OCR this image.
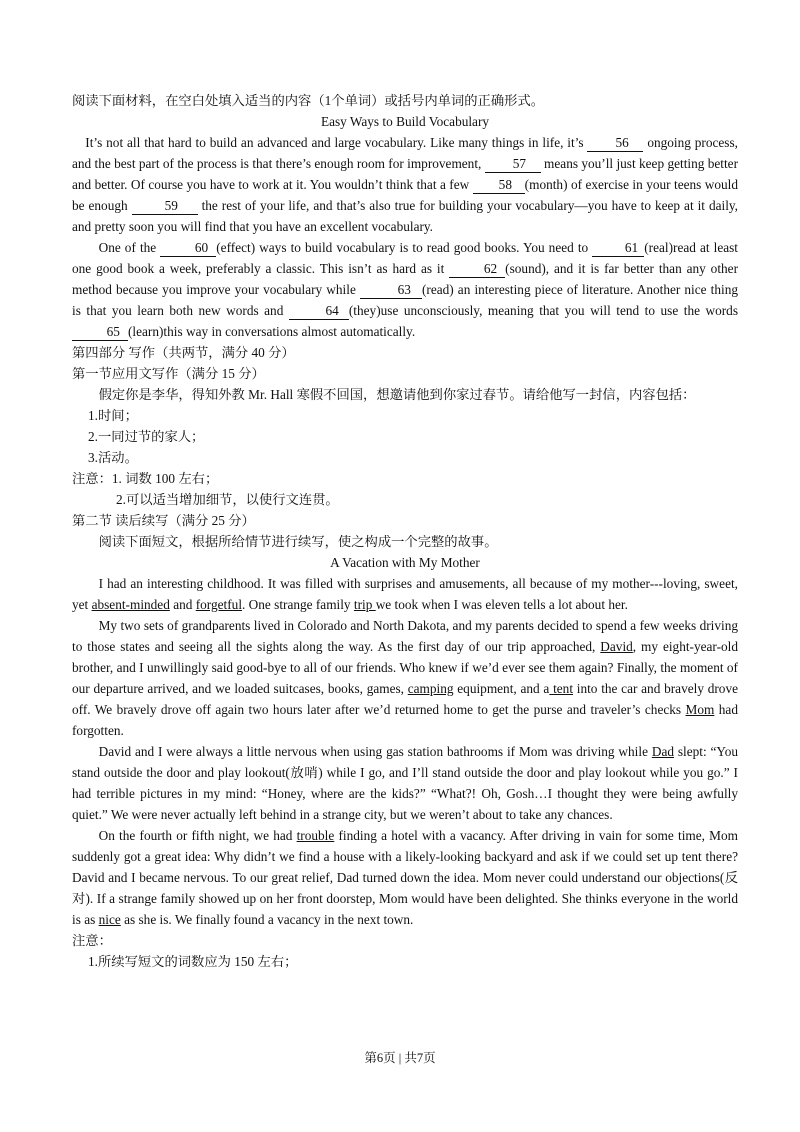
阅读下面材料，在空白处填入适当的内容（1个单词）或括号内单词的正确形式。

Easy Ways to Build Vocabulary

It’s not all that hard to build an advanced and large vocabulary. Like many things in life, it’s 56 ongoing process, and the best part of the process is that there’s enough room for improvement, 57 means you’ll just keep getting better and better. Of course you have to work at it. You wouldn’t think that a few 58 (month) of exercise in your teens would be enough	59 the rest of your life, and that’s also true for building your vocabulary—you have to keep at it daily, and pretty soon you will find that you have an excellent vocabulary.

One of the	60 (effect) ways to build vocabulary is to read good books. You need to	61 (real)read at least one good book a week, preferably a classic. This isn’t as hard as it	62 (sound), and it is far better than any other method because you improve your vocabulary while	63 (read) an interesting piece of literature. Another nice thing is that you learn both new words and	64 (they)use unconsciously, meaning that you will tend to use the words 65 (learn)this way in conversations almost automatically.

第四部分 写作（共两节，满分 40 分）

第一节应用文写作（满分 15 分）

假定你是李华，得知外教 Mr. Hall 寒假不回国，想邀请他到你家过春节。请给他写一封信，内容包括：

1.时间；

2.一同过节的家人；

3.活动。

注意：1. 词数 100 左右；

2.可以适当增加细节，以使行文连贯。

第二节 读后续写（满分 25 分）

阅读下面短文，根据所给情节进行续写，使之构成一个完整的故事。

A Vacation with My Mother

I had an interesting childhood. It was filled with surprises and amusements, all because of my mother---loving, sweet, yet absent-minded and forgetful. One strange family trip we took when I was eleven tells a lot about her.

My two sets of grandparents lived in Colorado and North Dakota, and my parents decided to spend a few weeks driving to those states and seeing all the sights along the way. As the first day of our trip approached, David, my eight-year-old brother, and I unwillingly said good-bye to all of our friends. Who knew if we’d ever see them again? Finally, the moment of our departure arrived, and we loaded suitcases, books, games, camping equipment, and a tent into the car and bravely drove off. We bravely drove off again two hours later after we’d returned home to get the purse and traveler’s checks Mom had forgotten.

David and I were always a little nervous when using gas station bathrooms if Mom was driving while Dad slept: “You stand outside the door and play lookout(放哨) while I go, and I’ll stand outside the door and play lookout while you go.” I had terrible pictures in my mind: “Honey, where are the kids?” “What?! Oh, Gosh…I thought they were being awfully quiet.” We were never actually left behind in a strange city, but we weren’t about to take any chances.

On the fourth or fifth night, we had trouble finding a hotel with a vacancy. After driving in vain for some time, Mom suddenly got a great idea: Why didn’t we find a house with a likely-looking backyard and ask if we could set up tent there? David and I became nervous. To our great relief, Dad turned down the idea. Mom never could understand our objections(反对). If a strange family showed up on her front doorstep, Mom would have been delighted. She thinks everyone in the world is as nice as she is. We finally found a vacancy in the next town.

注意：

1.所续写短文的词数应为 150 左右；

第6页 | 共7页
